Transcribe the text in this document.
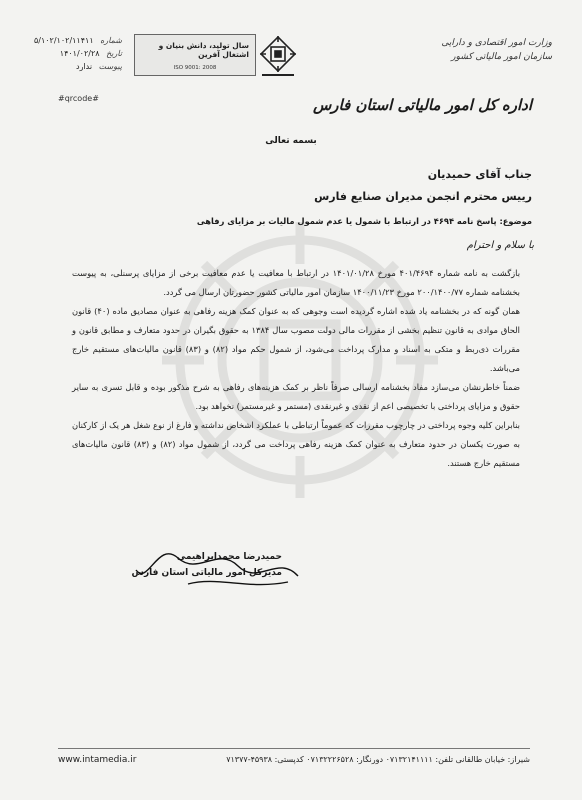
وزارت امور اقتصادی و دارایی
سازمان امور مالیاتی کشور
سال تولید، دانش بنیان و اشتغال آفرین
ISO 9001: 2008
شماره ۵/۱۰۲/۱۰۲/۱۱۴۱۱
تاریخ ۱۴۰۱/۰۲/۲۸
پیوست ندارد
#qrcode#	اداره کل امور مالیاتی استان فارس
بسمه تعالی
جناب آقای حمیدیان
رییس محترم انجمن مدیران صنایع فارس
موضوع: پاسخ نامه ۴۶۹۴ در ارتباط با شمول یا عدم شمول مالیات بر مزایای رفاهی
با سلام و احترام

بازگشت به نامه شماره ۴۰۱/۴۶۹۴ مورخ ۱۴۰۱/۰۱/۲۸ در ارتباط با معافیت یا عدم معافیت برخی از مزایای پرسنلی، به پیوست بخشنامه شماره ۲۰۰/۱۴۰۰/۷۷ مورخ ۱۴۰۰/۱۱/۲۳ سازمان امور مالیاتی کشور حضورتان ارسال می گردد.

همان گونه که در بخشنامه یاد شده اشاره گردیده است وجوهی که به عنوان کمک هزینه رفاهی به عنوان مصادیق ماده (۴۰) قانون الحاق موادی به قانون تنظیم بخشی از مقررات مالی دولت مصوب سال ۱۳۸۴ به حقوق بگیران در حدود متعارف و مطابق قانون و مقررات ذی‌ربط و متکی به اسناد و مدارک پرداخت می‌شود، از شمول حکم مواد (۸۲) و (۸۳) قانون مالیات‌های مستقیم خارج می‌باشد.

ضمناً خاطرنشان می‌سازد مفاد بخشنامه ارسالی صرفاً ناظر بر کمک هزینه‌های رفاهی به شرح مذکور بوده و قابل تسری به سایر حقوق و مزایای پرداختی با تخصیصی اعم از نقدی و غیرنقدی (مستمر و غیرمستمر) نخواهد بود.

بنابراین کلیه وجوه پرداختی در چارچوب مقررات که عموماً ارتباطی با عملکرد اشخاص نداشته و فارغ از نوع شغل هر یک از کارکنان به صورت یکسان در حدود متعارف به عنوان کمک هزینه رفاهی پرداخت می گردد، از شمول مواد (۸۲) و (۸۳) قانون مالیات‌های مستقیم خارج هستند.

حمیدرضا محمدابراهیمی
مدیرکل امور مالیاتی استان فارس
www.intamedia.ir	شیراز: خیابان طالقانی تلفن: ۰۷۱۳۲۱۴۱۱۱۱ دورنگار: ۰۷۱۳۲۲۲۶۵۲۸ کدپستی: ۴۵۹۳۸-۷۱۳۷۷
